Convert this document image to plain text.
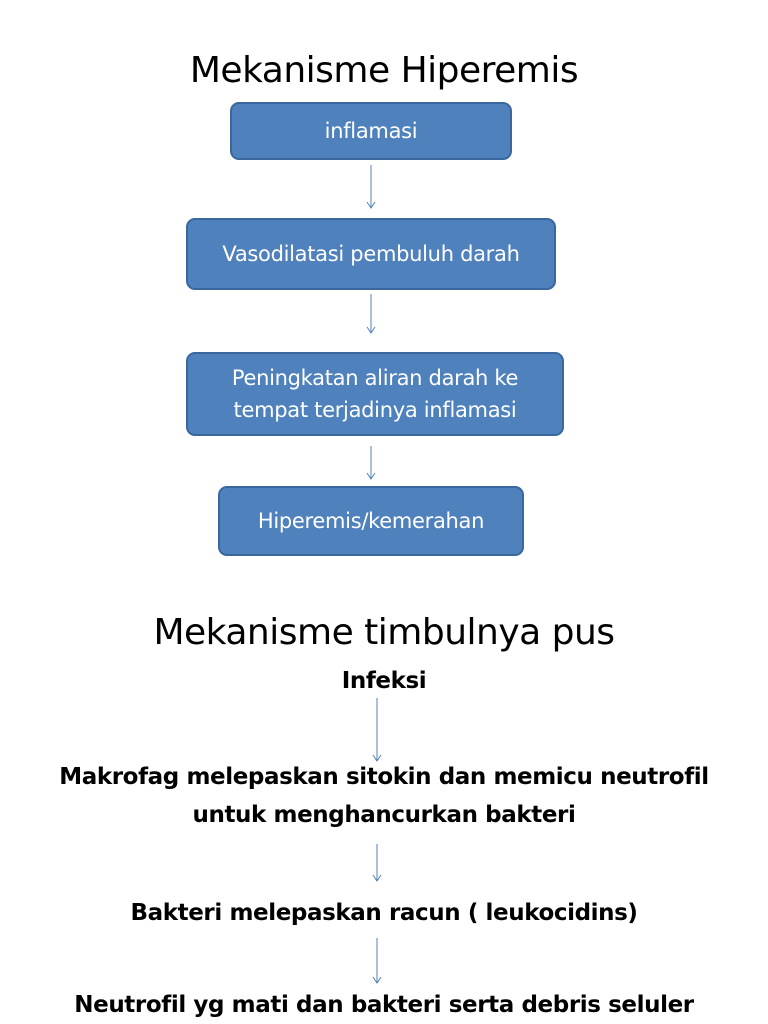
Mekanisme Hiperemis
inflamasi
Vasodilatasi pembuluh darah
Peningkatan aliran darah ke
tempat terjadinya inflamasi
Hiperemis/kemerahan
Mekanisme timbulnya pus
Infeksi
Makrofag melepaskan sitokin dan memicu neutrofil
untuk menghancurkan bakteri
Bakteri melepaskan racun ( leukocidins)
Neutrofil yg mati dan bakteri serta debris seluler
